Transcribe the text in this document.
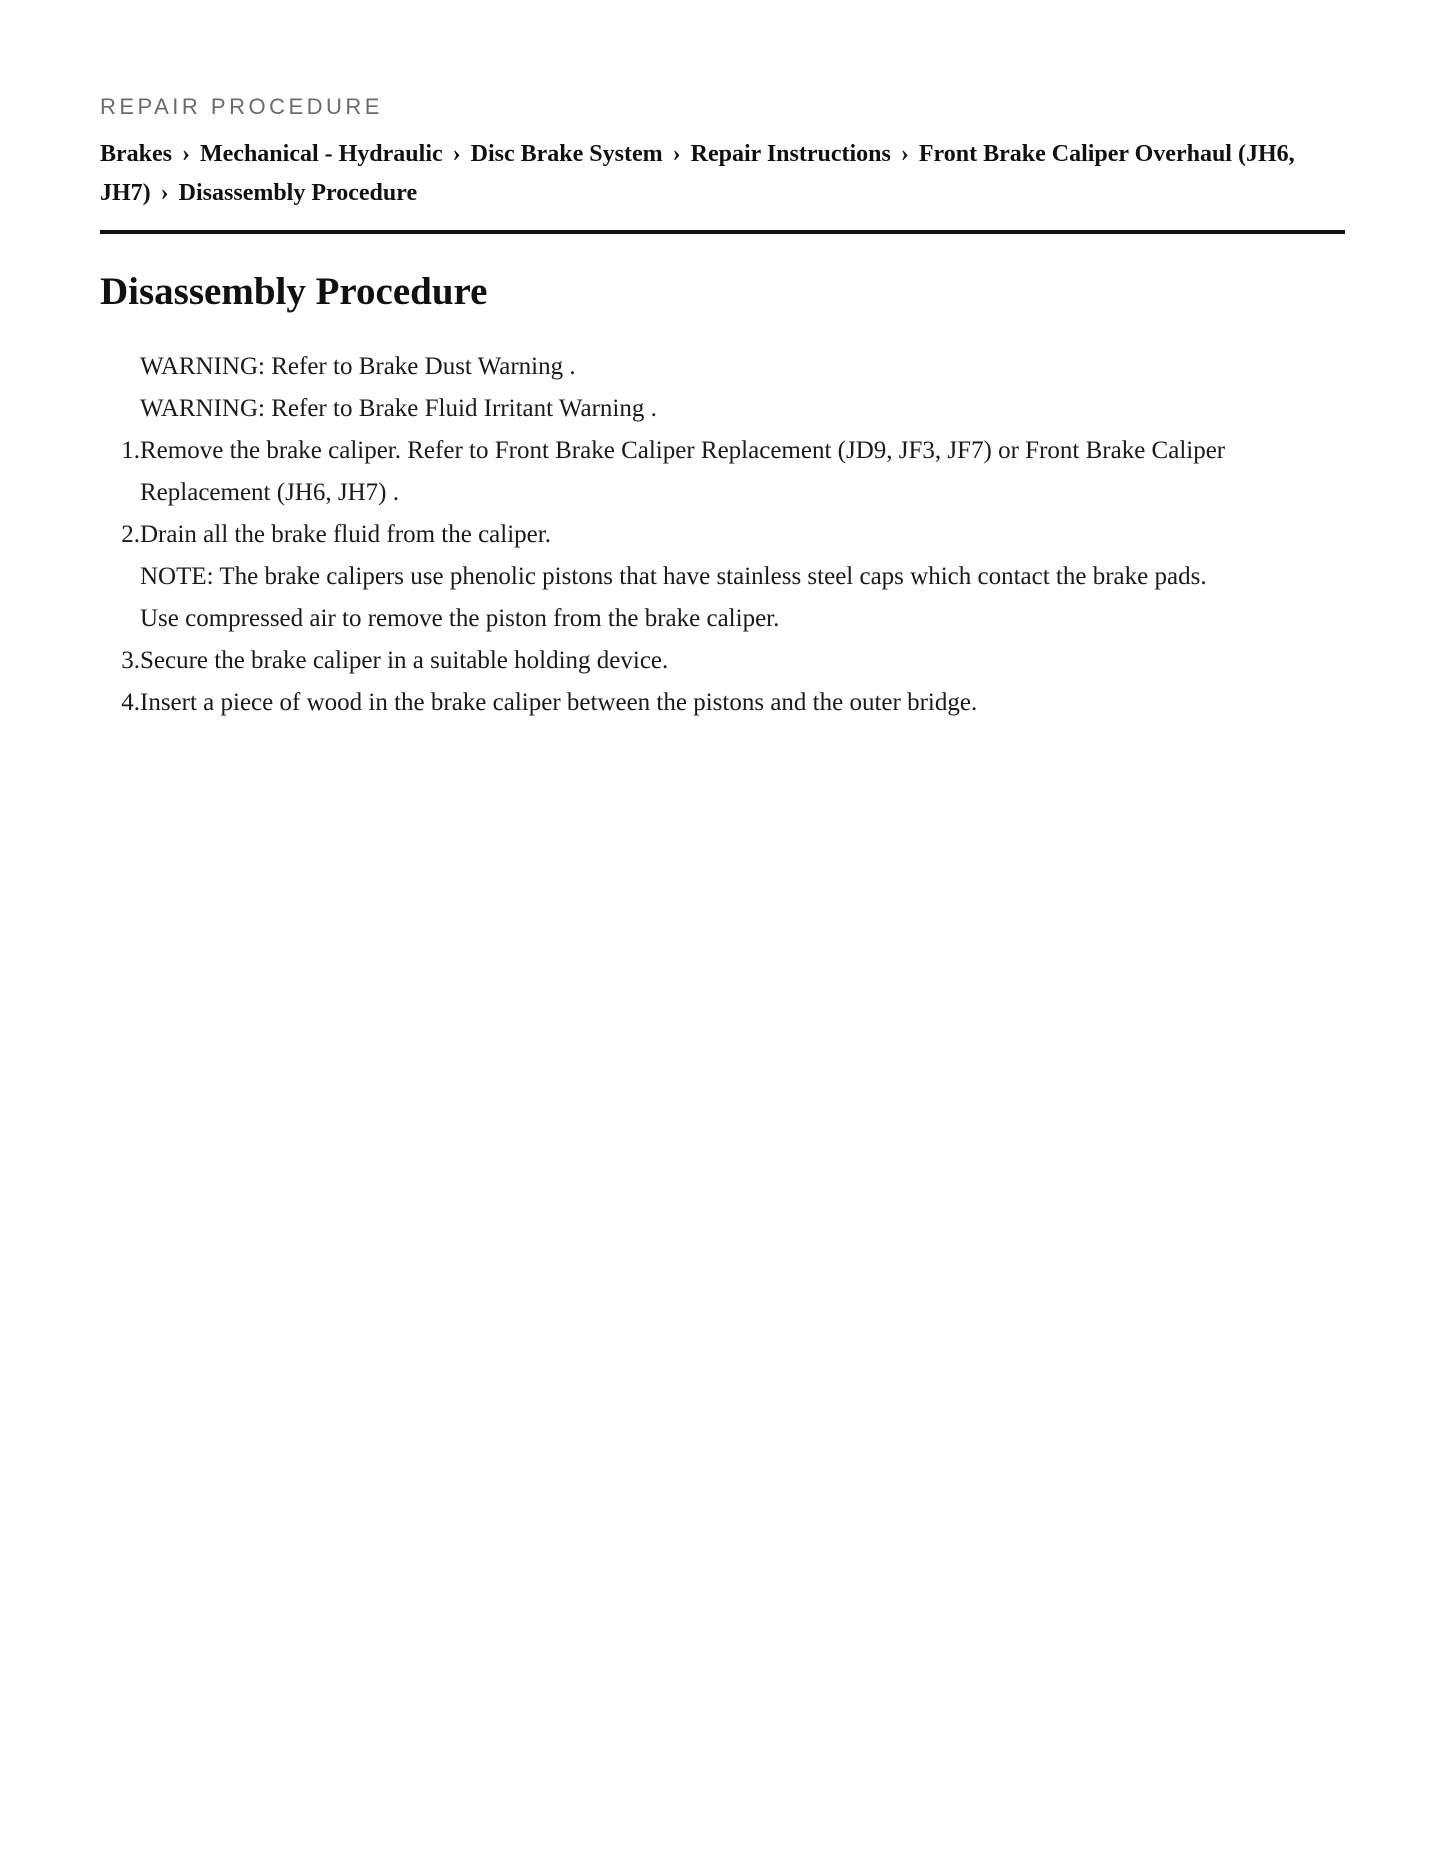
REPAIR PROCEDURE
Brakes › Mechanical - Hydraulic › Disc Brake System › Repair Instructions › Front Brake Caliper Overhaul (JH6, JH7) › Disassembly Procedure
Disassembly Procedure
WARNING: Refer to Brake Dust Warning .
WARNING: Refer to Brake Fluid Irritant Warning .
1. Remove the brake caliper. Refer to Front Brake Caliper Replacement (JD9, JF3, JF7) or Front Brake Caliper Replacement (JH6, JH7) .
2. Drain all the brake fluid from the caliper.
NOTE: The brake calipers use phenolic pistons that have stainless steel caps which contact the brake pads.
Use compressed air to remove the piston from the brake caliper.
3. Secure the brake caliper in a suitable holding device.
4. Insert a piece of wood in the brake caliper between the pistons and the outer bridge.
